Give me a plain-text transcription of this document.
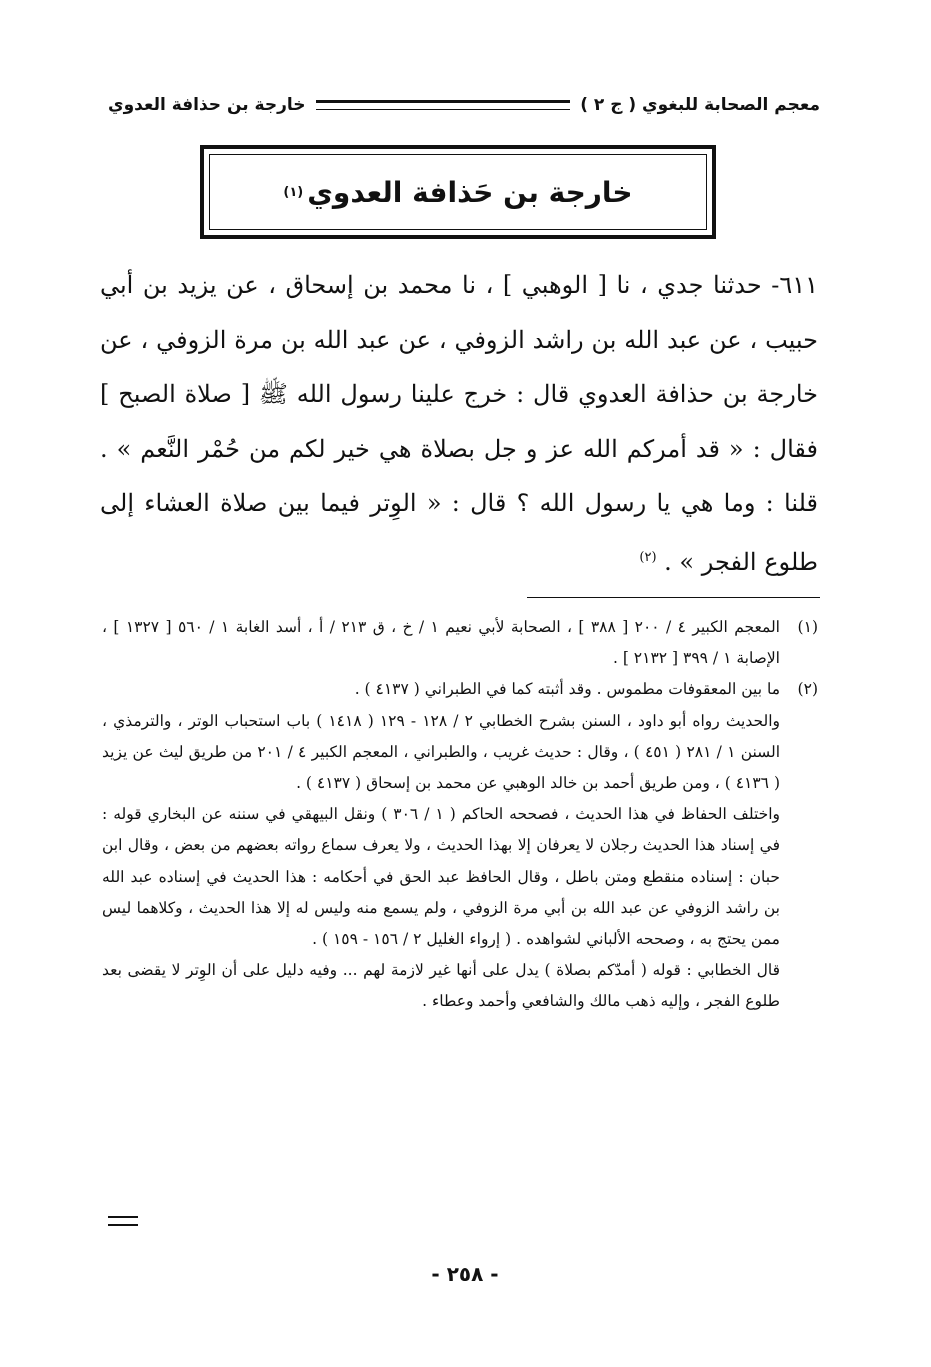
معجم الصحابة للبغوي ( ج ٢ )
خارجة بن حذافة العدوي
خارجة بن حَذافة العدوي
(١)

٦١١- حدثنا جدي ، نا [ الوهبي ] ، نا محمد بن إسحاق ، عن يزيد بن أبي حبيب ، عن عبد الله بن راشد الزوفي ، عن عبد الله بن مرة الزوفي ، عن خارجة بن حذافة العدوي قال : خرج علينا رسول الله ﷺ [ صلاة الصبح ] فقال : « قد أمركم الله عز و جل بصلاة هي خير لكم من حُمْر النَّعم » . قلنا : وما هي يا رسول الله ؟ قال : « الوِتر فيما بين صلاة العشاء إلى طلوع الفجر » . $^{(٢)}$

(١)
المعجم الكبير ٤ / ٢٠٠ [ ٣٨٨ ] ، الصحابة لأبي نعيم ١ / خ ، ق ٢١٣ / أ ، أسد الغابة ١ / ٥٦٠ [ ١٣٢٧ ] ، الإصابة ١ / ٣٩٩ [ ٢١٣٢ ] .
(٢)
ما بين المعقوفات مطموس . وقد أثبته كما في الطبراني ( ٤١٣٧ ) .
والحديث رواه أبو داود ، السنن بشرح الخطابي ٢ / ١٢٨ - ١٢٩ ( ١٤١٨ ) باب استحباب الوتر ، والترمذي ، السنن ١ / ٢٨١ ( ٤٥١ ) ، وقال : حديث غريب ، والطبراني ، المعجم الكبير ٤ / ٢٠١ من طريق ليث عن يزيد ( ٤١٣٦ ) ، ومن طريق أحمد بن خالد الوهبي عن محمد بن إسحاق ( ٤١٣٧ ) .
واختلف الحفاظ في هذا الحديث ، فصححه الحاكم ( ١ / ٣٠٦ ) ونقل البيهقي في سننه عن البخاري قوله : في إسناد هذا الحديث رجلان لا يعرفان إلا بهذا الحديث ، ولا يعرف سماع رواته بعضهم من بعض ، وقال ابن حبان : إسناده منقطع ومتن باطل ، وقال الحافظ عبد الحق في أحكامه : هذا الحديث في إسناده عبد الله بن راشد الزوفي عن عبد الله بن أبي مرة الزوفي ، ولم يسمع منه وليس له إلا هذا الحديث ، وكلاهما ليس ممن يحتج به ، وصححه الألباني لشواهده . ( إرواء الغليل ٢ / ١٥٦ - ١٥٩ ) .
قال الخطابي : قوله ( أمدّكم بصلاة ) يدل على أنها غير لازمة لهم ... وفيه دليل على أن الوِتر لا يقضى بعد طلوع الفجر ، وإليه ذهب مالك والشافعي وأحمد وعطاء .
- ٢٥٨ -
